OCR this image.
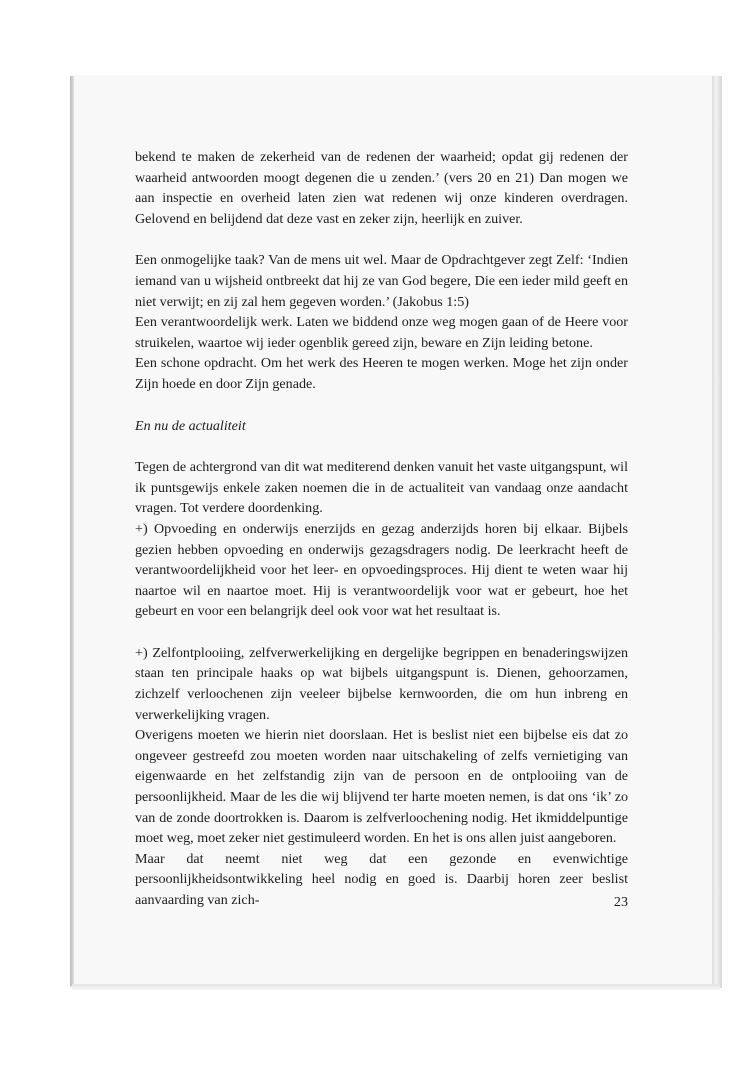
bekend te maken de zekerheid van de redenen der waarheid; opdat gij redenen der waarheid antwoorden moogt degenen die u zenden.’ (vers 20 en 21) Dan mogen we aan inspectie en overheid laten zien wat redenen wij onze kinderen overdragen. Gelovend en belijdend dat deze vast en zeker zijn, heerlijk en zuiver.

Een onmogelijke taak? Van de mens uit wel. Maar de Opdrachtgever zegt Zelf: ‘Indien iemand van u wijsheid ontbreekt dat hij ze van God begere, Die een ieder mild geeft en niet verwijt; en zij zal hem gegeven worden.’ (Jakobus 1:5)

Een verantwoordelijk werk. Laten we biddend onze weg mogen gaan of de Heere voor struikelen, waartoe wij ieder ogenblik gereed zijn, beware en Zijn leiding betone.

Een schone opdracht. Om het werk des Heeren te mogen werken. Moge het zijn onder Zijn hoede en door Zijn genade.

En nu de actualiteit

Tegen de achtergrond van dit wat mediterend denken vanuit het vaste uitgangspunt, wil ik puntsgewijs enkele zaken noemen die in de actualiteit van vandaag onze aandacht vragen. Tot verdere doordenking.

+) Opvoeding en onderwijs enerzijds en gezag anderzijds horen bij elkaar. Bijbels gezien hebben opvoeding en onderwijs gezagsdragers nodig. De leerkracht heeft de verantwoordelijkheid voor het leer- en opvoedingsproces. Hij dient te weten waar hij naartoe wil en naartoe moet. Hij is verantwoordelijk voor wat er gebeurt, hoe het gebeurt en voor een belangrijk deel ook voor wat het resultaat is.

+) Zelfontplooiing, zelfverwerkelijking en dergelijke begrippen en benaderingswijzen staan ten principale haaks op wat bijbels uitgangspunt is. Dienen, gehoorzamen, zichzelf verloochenen zijn veeleer bijbelse kernwoorden, die om hun inbreng en verwerkelijking vragen.

Overigens moeten we hierin niet doorslaan. Het is beslist niet een bijbelse eis dat zo ongeveer gestreefd zou moeten worden naar uitschakeling of zelfs vernietiging van eigenwaarde en het zelfstandig zijn van de persoon en de ontplooiing van de persoonlijkheid. Maar de les die wij blijvend ter harte moeten nemen, is dat ons ‘ik’ zo van de zonde doortrokken is. Daarom is zelfverloochening nodig. Het ikmiddelpuntige moet weg, moet zeker niet gestimuleerd worden. En het is ons allen juist aangeboren.

Maar dat neemt niet weg dat een gezonde en evenwichtige persoonlijkheidsontwikkeling heel nodig en goed is. Daarbij horen zeer beslist aanvaarding van zich-	23
